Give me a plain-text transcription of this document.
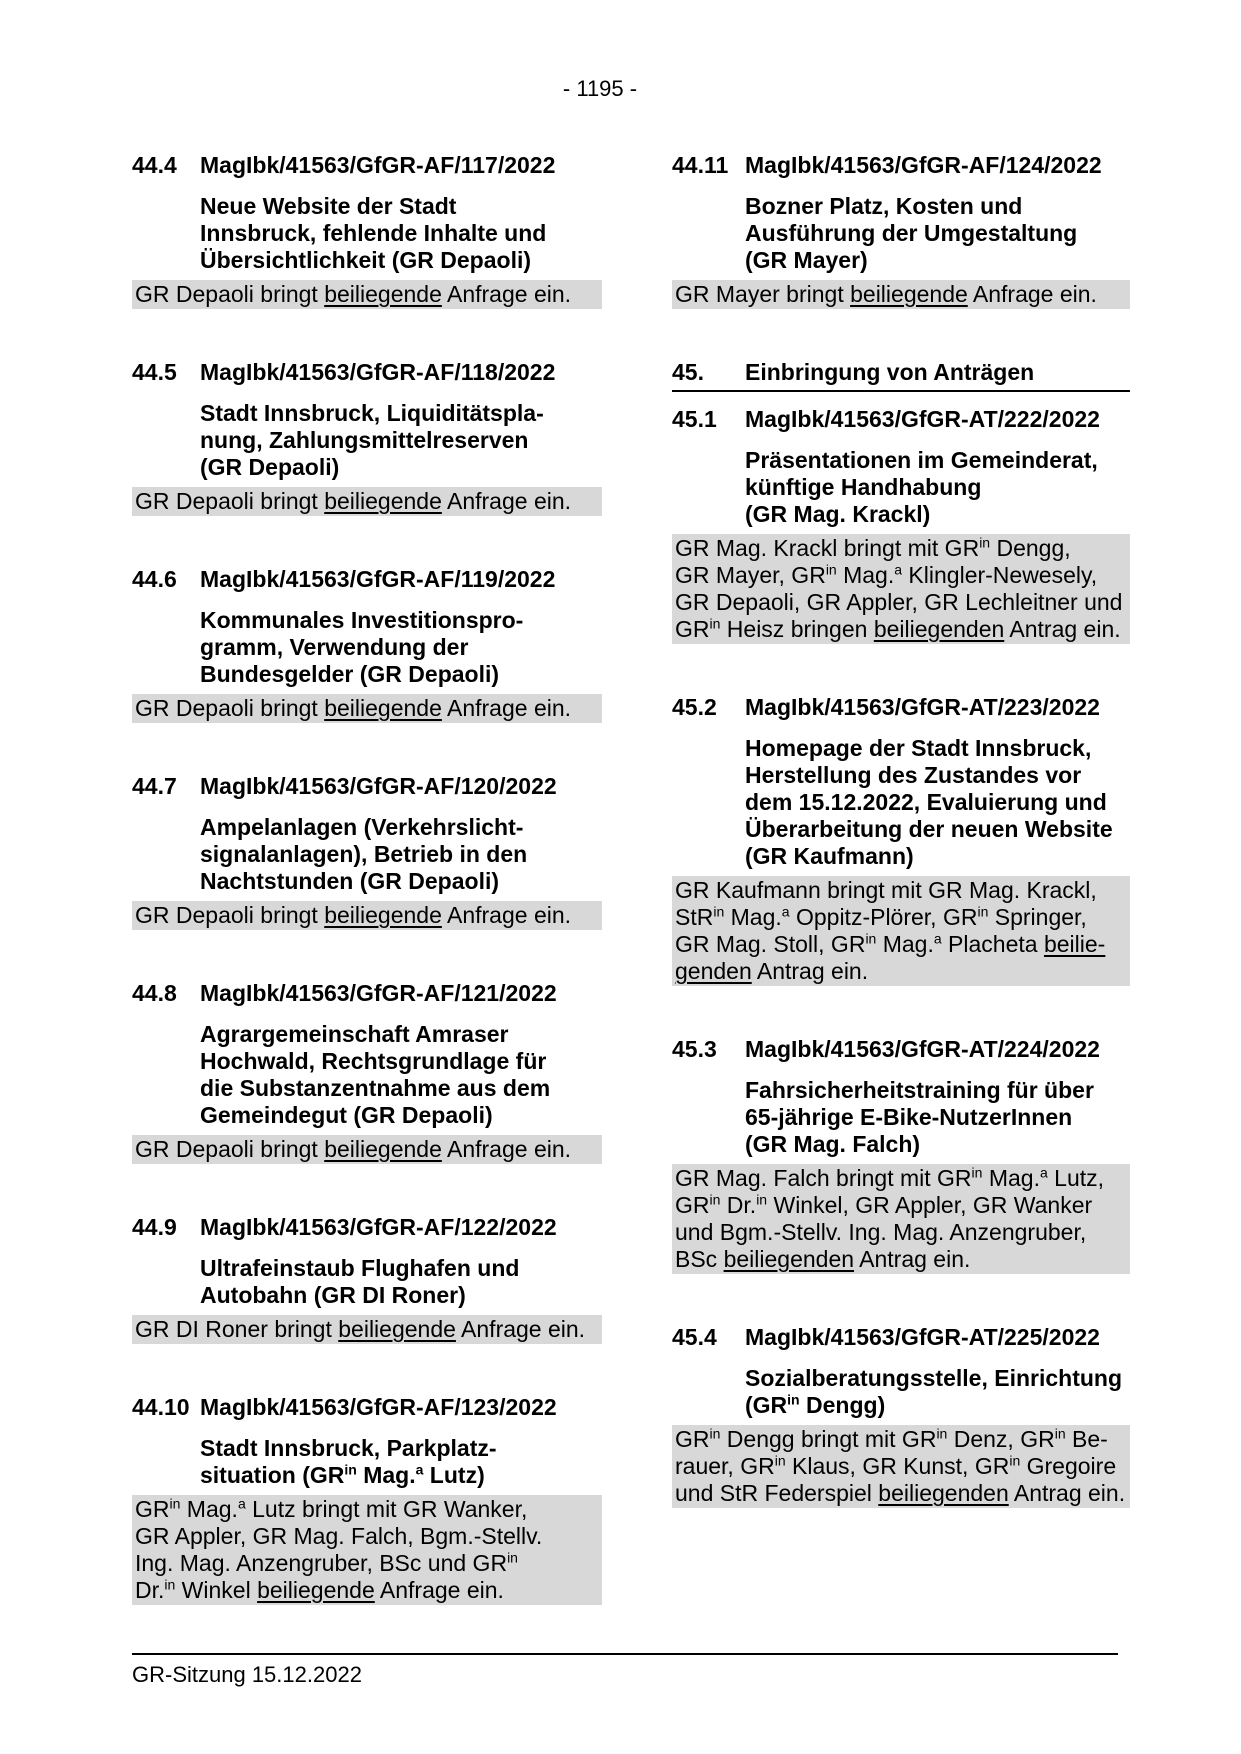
- 1195 -
44.4	MagIbk/41563/GfGR-AF/117/2022
Neue Website der Stadt
Innsbruck, fehlende Inhalte und
Übersichtlichkeit (GR Depaoli)
GR Depaoli bringt beiliegende Anfrage ein.
44.5	MagIbk/41563/GfGR-AF/118/2022
Stadt Innsbruck, Liquiditätspla-
nung, Zahlungsmittelreserven
(GR Depaoli)
GR Depaoli bringt beiliegende Anfrage ein.
44.6	MagIbk/41563/GfGR-AF/119/2022
Kommunales Investitionspro-
gramm, Verwendung der
Bundesgelder (GR Depaoli)
GR Depaoli bringt beiliegende Anfrage ein.
44.7	MagIbk/41563/GfGR-AF/120/2022
Ampelanlagen (Verkehrslicht-
signalanlagen), Betrieb in den
Nachtstunden (GR Depaoli)
GR Depaoli bringt beiliegende Anfrage ein.
44.8	MagIbk/41563/GfGR-AF/121/2022
Agrargemeinschaft Amraser
Hochwald, Rechtsgrundlage für
die Substanzentnahme aus dem
Gemeindegut (GR Depaoli)
GR Depaoli bringt beiliegende Anfrage ein.
44.9	MagIbk/41563/GfGR-AF/122/2022
Ultrafeinstaub Flughafen und
Autobahn (GR DI Roner)
GR DI Roner bringt beiliegende Anfrage ein.
44.10 MagIbk/41563/GfGR-AF/123/2022
Stadt Innsbruck, Parkplatz-
situation ($GR^{in}$ Mag.$^a$ Lutz)
$GR^{in}$ Mag.$^a$ Lutz bringt mit GR Wanker,
GR Appler, GR Mag. Falch, Bgm.-Stellv.
Ing. Mag. Anzengruber, BSc und $GR^{in}$
Dr.$^{in}$ Winkel beiliegende Anfrage ein.
44.11 MagIbk/41563/GfGR-AF/124/2022
Bozner Platz, Kosten und
Ausführung der Umgestaltung
(GR Mayer)
GR Mayer bringt beiliegende Anfrage ein.
45.	Einbringung von Anträgen
45.1	MagIbk/41563/GfGR-AT/222/2022
Präsentationen im Gemeinderat,
künftige Handhabung
(GR Mag. Krackl)
GR Mag. Krackl bringt mit $GR^{in}$ Dengg,
GR Mayer, $GR^{in}$ Mag.$^a$ Klingler-Newesely,
GR Depaoli, GR Appler, GR Lechleitner und
$GR^{in}$ Heisz bringen beiliegenden Antrag ein.
45.2	MagIbk/41563/GfGR-AT/223/2022
Homepage der Stadt Innsbruck,
Herstellung des Zustandes vor
dem 15.12.2022, Evaluierung und
Überarbeitung der neuen Website
(GR Kaufmann)
GR Kaufmann bringt mit GR Mag. Krackl,
StR$^{in}$ Mag.$^a$ Oppitz-Plörer, $GR^{in}$ Springer,
GR Mag. Stoll, $GR^{in}$ Mag.$^a$ Placheta beilie-
genden Antrag ein.
45.3	MagIbk/41563/GfGR-AT/224/2022
Fahrsicherheitstraining für über
65-jährige E-Bike-NutzerInnen
(GR Mag. Falch)
GR Mag. Falch bringt mit $GR^{in}$ Mag.$^a$ Lutz,
$GR^{in}$ Dr.$^{in}$ Winkel, GR Appler, GR Wanker
und Bgm.-Stellv. Ing. Mag. Anzengruber,
BSc beiliegenden Antrag ein.
45.4	MagIbk/41563/GfGR-AT/225/2022
Sozialberatungsstelle, Einrichtung
($GR^{in}$ Dengg)
$GR^{in}$ Dengg bringt mit $GR^{in}$ Denz, $GR^{in}$ Be-
rauer, $GR^{in}$ Klaus, GR Kunst, $GR^{in}$ Gregoire
und StR Federspiel beiliegenden Antrag ein.
GR-Sitzung 15.12.2022
